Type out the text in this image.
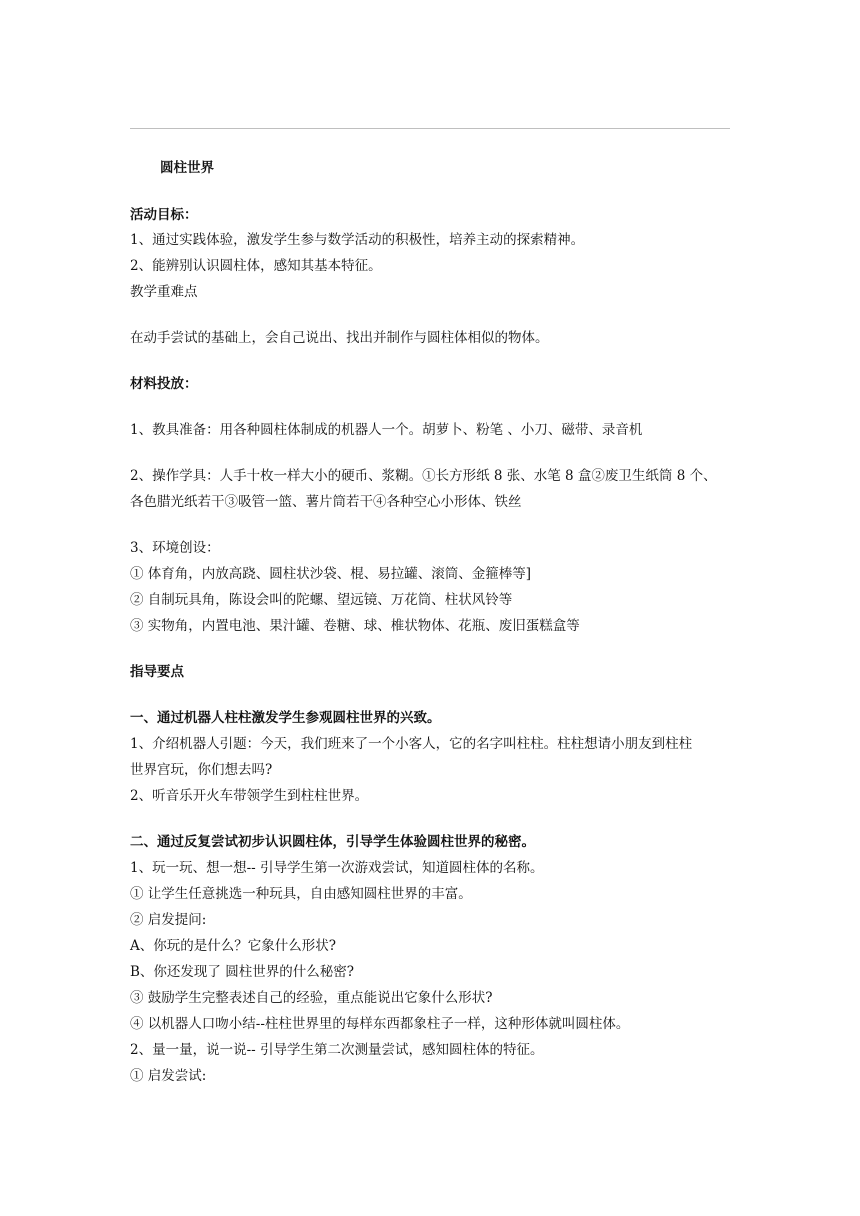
圆柱世界
活动目标：
1、通过实践体验，激发学生参与数学活动的积极性，培养主动的探索精神。
2、能辨别认识圆柱体，感知其基本特征。
教学重难点
在动手尝试的基础上，会自己说出、找出并制作与圆柱体相似的物体。
材料投放：
1、教具准备：用各种圆柱体制成的机器人一个。胡萝卜、粉笔 、小刀、磁带、录音机
2、操作学具：人手十枚一样大小的硬币、浆糊。①长方形纸 8 张、水笔 8 盒②废卫生纸筒 8 个、
各色腊光纸若干③吸管一篮、薯片筒若干④各种空心小形体、铁丝
3、环境创设：
① 体育角，内放高跷、圆柱状沙袋、棍、易拉罐、滚筒、金箍棒等]
② 自制玩具角，陈设会叫的陀螺、望远镜、万花筒、柱状风铃等
③ 实物角，内置电池、果汁罐、卷糖、球、椎状物体、花瓶、废旧蛋糕盒等
指导要点
一、通过机器人柱柱激发学生参观圆柱世界的兴致。
1、介绍机器人引题：今天，我们班来了一个小客人，它的名字叫柱柱。柱柱想请小朋友到柱柱
世界宫玩，你们想去吗?
2、听音乐开火车带领学生到柱柱世界。
二、通过反复尝试初步认识圆柱体，引导学生体验圆柱世界的秘密。
1、玩一玩、想一想-- 引导学生第一次游戏尝试，知道圆柱体的名称。
① 让学生任意挑选一种玩具，自由感知圆柱世界的丰富。
② 启发提问:
A、你玩的是什么？它象什么形状?
B、你还发现了 圆柱世界的什么秘密?
③ 鼓励学生完整表述自己的经验，重点能说出它象什么形状?
④ 以机器人口吻小结--柱柱世界里的每样东西都象柱子一样，这种形体就叫圆柱体。
2、量一量，说一说-- 引导学生第二次测量尝试，感知圆柱体的特征。
① 启发尝试:
